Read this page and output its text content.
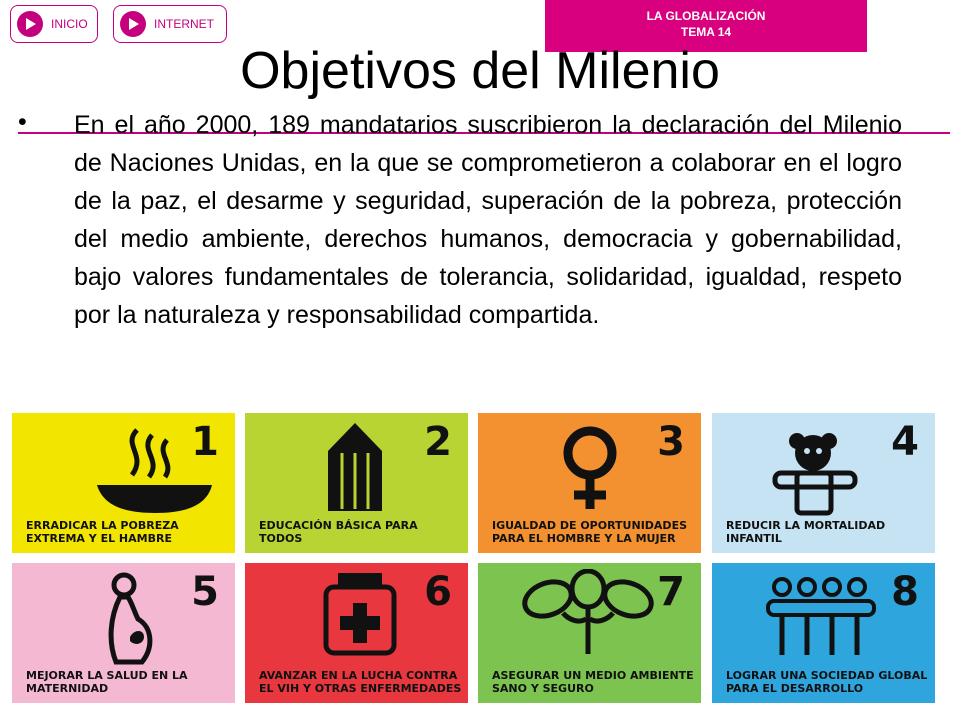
INICIO	INTERNET
LA GLOBALIZACIÓN
TEMA 14
Objetivos del Milenio
• En el año 2000, 189 mandatarios suscribieron la declaración del Milenio de Naciones Unidas, en la que se comprometieron a colaborar en el logro de la paz, el desarme y seguridad, superación de la pobreza, protección del medio ambiente, derechos humanos, democracia y gobernabilidad, bajo valores fundamentales de tolerancia, solidaridad, igualdad, respeto por la naturaleza y responsabilidad compartida.
1
ERRADICAR LA POBREZA EXTREMA Y EL HAMBRE
2
EDUCACIÓN BÁSICA PARA TODOS
3
IGUALDAD DE OPORTUNIDADES PARA EL HOMBRE Y LA MUJER
4
REDUCIR LA MORTALIDAD INFANTIL
5
MEJORAR LA SALUD EN LA MATERNIDAD
6
AVANZAR EN LA LUCHA CONTRA EL VIH Y OTRAS ENFERMEDADES
7
ASEGURAR UN MEDIO AMBIENTE SANO Y SEGURO
8
LOGRAR UNA SOCIEDAD GLOBAL PARA EL DESARROLLO
